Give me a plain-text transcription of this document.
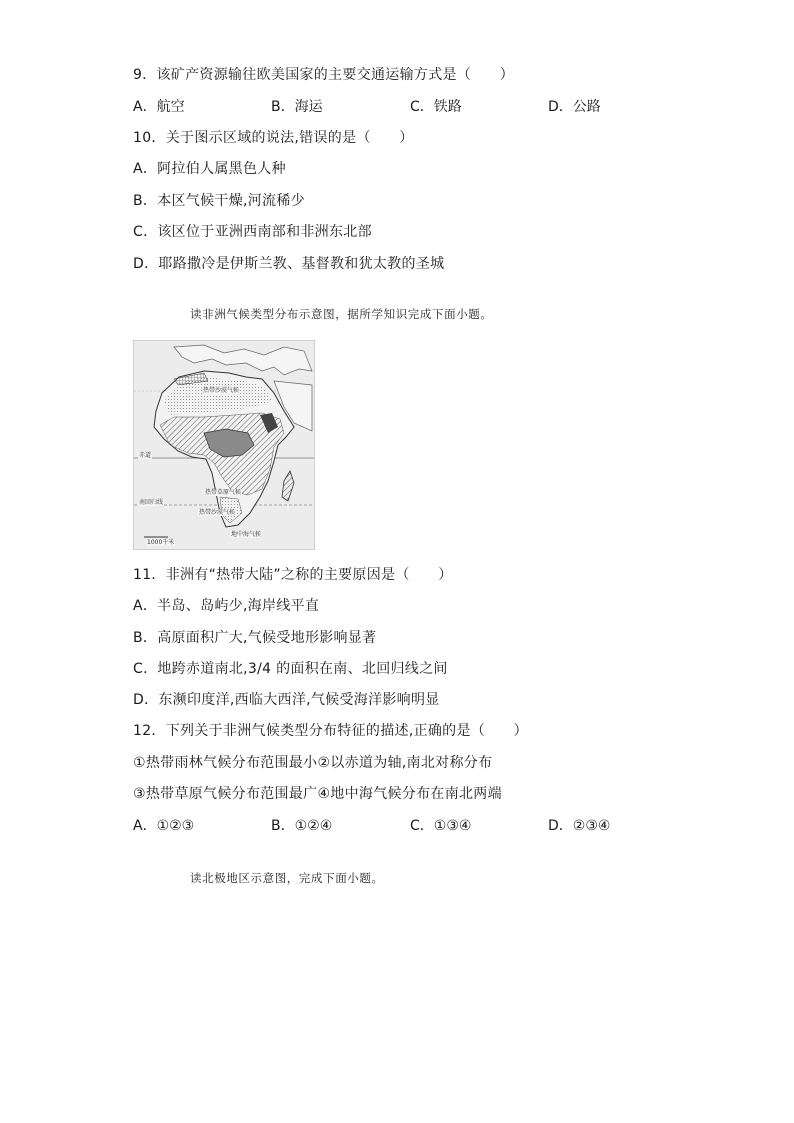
9．该矿产资源输往欧美国家的主要交通运输方式是（　　）
A．航空	B．海运	C．铁路	D．公路
10．关于图示区域的说法,错误的是（　　）
A．阿拉伯人属黑色人种
B．本区气候干燥,河流稀少
C．该区位于亚洲西南部和非洲东北部
D．耶路撒冷是伊斯兰教、基督教和犹太教的圣城
读非洲气候类型分布示意图，据所学知识完成下面小题。
热带沙漠气候
赤道
南回归线
热带草原气候
热带沙漠气候
1000千米
地中海气候
11．非洲有“热带大陆”之称的主要原因是（　　）
A．半岛、岛屿少,海岸线平直
B．高原面积广大,气候受地形影响显著
C．地跨赤道南北,3/4 的面积在南、北回归线之间
D．东濒印度洋,西临大西洋,气候受海洋影响明显
12．下列关于非洲气候类型分布特征的描述,正确的是（　　）
①热带雨林气候分布范围最小②以赤道为轴,南北对称分布
③热带草原气候分布范围最广④地中海气候分布在南北两端
A．①②③	B．①②④	C．①③④	D．②③④
读北极地区示意图，完成下面小题。
